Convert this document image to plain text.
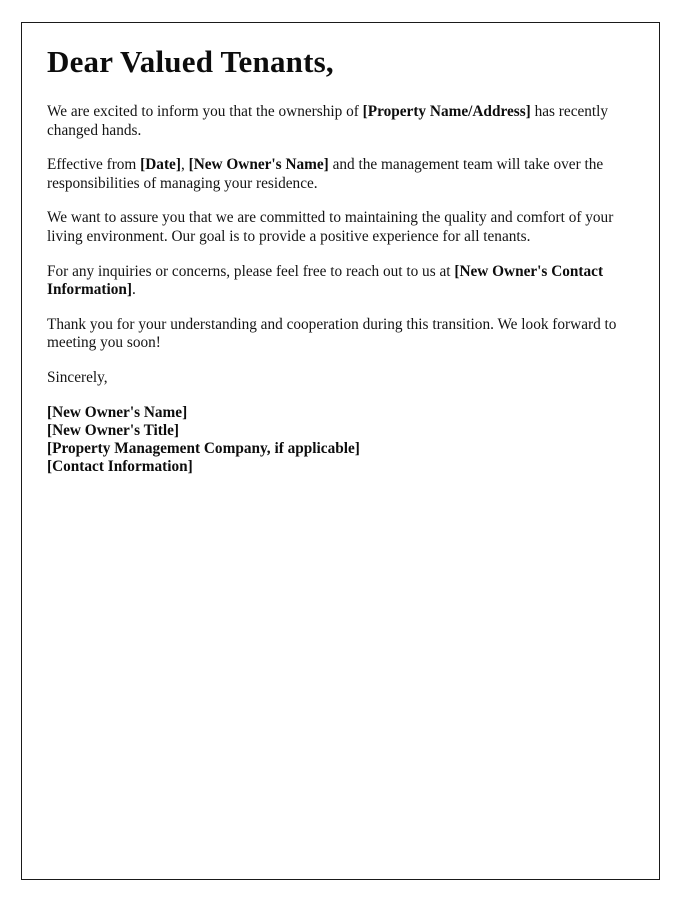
Dear Valued Tenants,

We are excited to inform you that the ownership of [Property Name/Address] has recently changed hands.

Effective from [Date], [New Owner's Name] and the management team will take over the responsibilities of managing your residence.

We want to assure you that we are committed to maintaining the quality and comfort of your living environment. Our goal is to provide a positive experience for all tenants.

For any inquiries or concerns, please feel free to reach out to us at [New Owner's Contact Information].

Thank you for your understanding and cooperation during this transition. We look forward to meeting you soon!

Sincerely,

[New Owner's Name]
[New Owner's Title]
[Property Management Company, if applicable]
[Contact Information]
